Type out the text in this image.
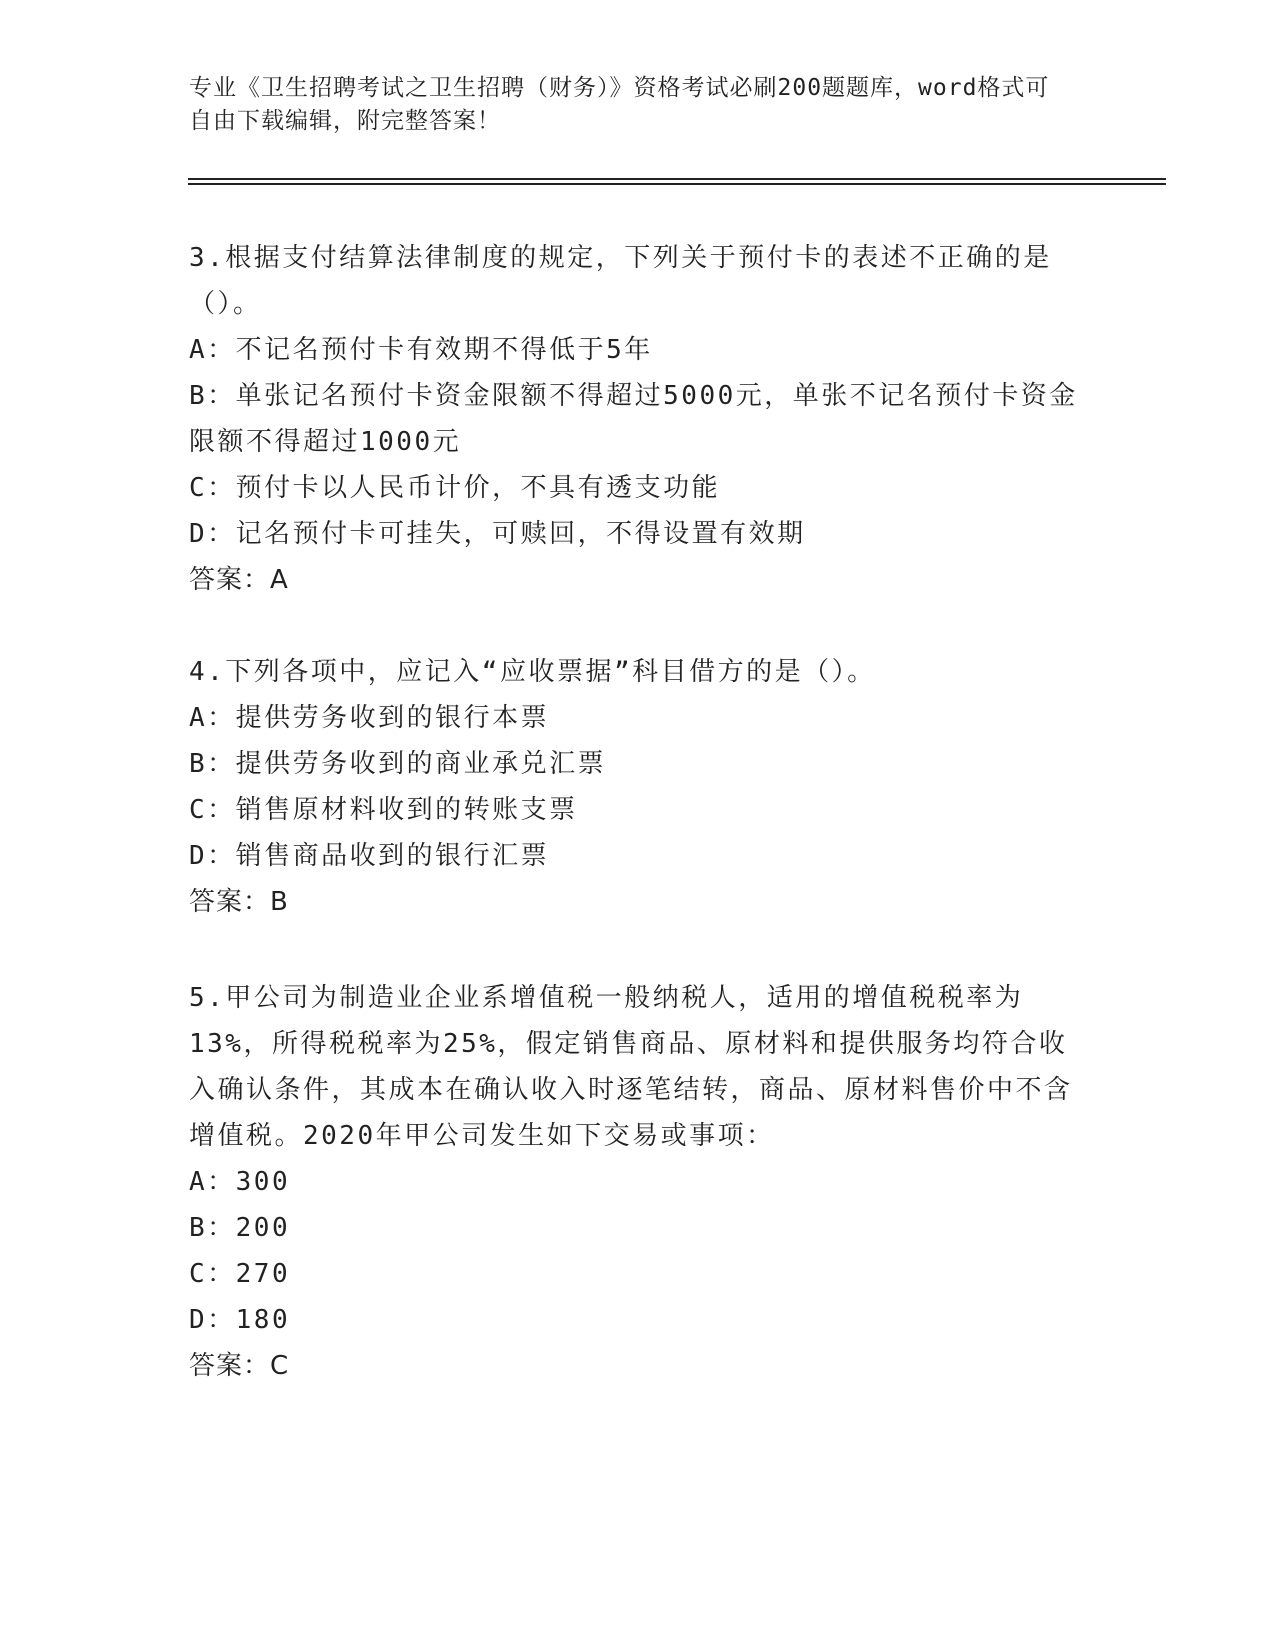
专业《卫生招聘考试之卫生招聘（财务）》资格考试必刷200题题库，word格式可自由下载编辑，附完整答案！

3.根据支付结算法律制度的规定，下列关于预付卡的表述不正确的是（）。

A：不记名预付卡有效期不得低于5年

B：单张记名预付卡资金限额不得超过5000元，单张不记名预付卡资金限额不得超过1000元

C：预付卡以人民币计价，不具有透支功能

D：记名预付卡可挂失，可赎回，不得设置有效期

答案：A

4.下列各项中，应记入“应收票据”科目借方的是（）。

A：提供劳务收到的银行本票

B：提供劳务收到的商业承兑汇票

C：销售原材料收到的转账支票

D：销售商品收到的银行汇票

答案：B

5.甲公司为制造业企业系增值税一般纳税人，适用的增值税税率为13%，所得税税率为25%，假定销售商品、原材料和提供服务均符合收入确认条件，其成本在确认收入时逐笔结转，商品、原材料售价中不含增值税。2020年甲公司发生如下交易或事项：

A：300

B：200

C：270

D：180

答案：C
